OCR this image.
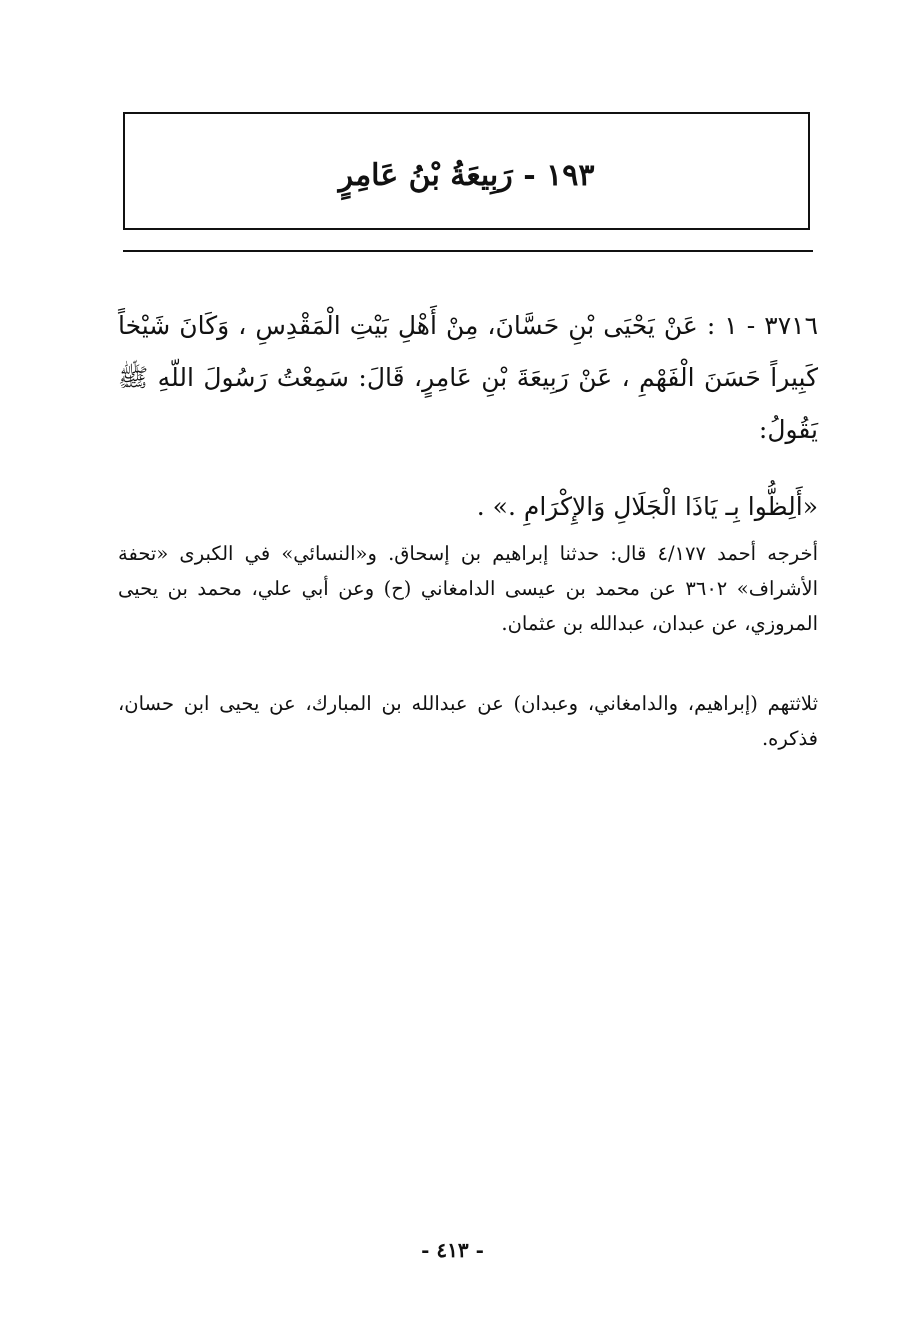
١٩٣ - رَبِيعَةُ بْنُ عَامِرٍ

٣٧١٦ - ١ : عَنْ يَحْيَى بْنِ حَسَّانَ، مِنْ أَهْلِ بَيْتِ الْمَقْدِسِ ، وَكَانَ شَيْخاً كَبِيراً حَسَنَ الْفَهْمِ ، عَنْ رَبِيعَةَ بْنِ عَامِرٍ، قَالَ: سَمِعْتُ رَسُولَ اللّهِ ﷺ يَقُولُ:

«أَلِظُّوا بِـ يَاذَا الْجَلَالِ وَالإِكْرَامِ .» .
أخرجه أحمد ٤/١٧٧ قال: حدثنا إبراهيم بن إسحاق. و«النسائي» في الكبرى «تحفة الأشراف» ٣٦٠٢ عن محمد بن عيسى الدامغاني (ح) وعن أبي علي، محمد بن يحيى المروزي، عن عبدان، عبدالله بن عثمان.
ثلاثتهم (إبراهيم، والدامغاني، وعبدان) عن عبدالله بن المبارك، عن يحيى ابن حسان، فذكره.
- ٤١٣ -
